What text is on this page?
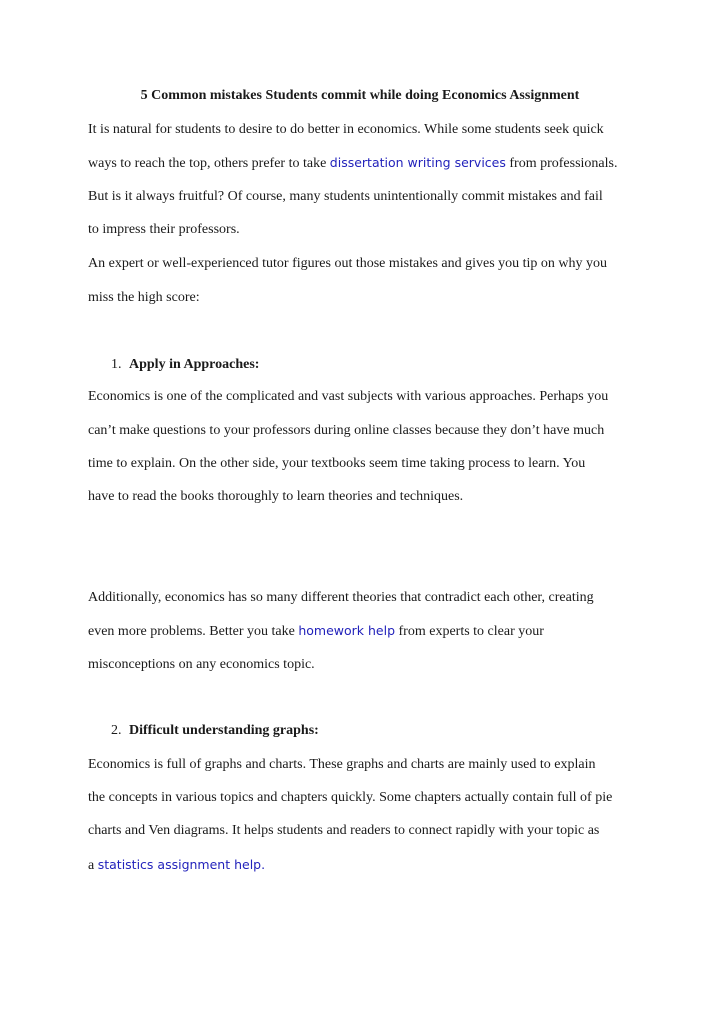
5 Common mistakes Students commit while doing Economics Assignment
It is natural for students to desire to do better in economics. While some students seek quick
ways to reach the top, others prefer to take dissertation writing services from professionals.
But is it always fruitful? Of course, many students unintentionally commit mistakes and fail
to impress their professors.
An expert or well-experienced tutor figures out those mistakes and gives you tip on why you
miss the high score:
1. Apply in Approaches:
Economics is one of the complicated and vast subjects with various approaches. Perhaps you
can’t make questions to your professors during online classes because they don’t have much
time to explain. On the other side, your textbooks seem time taking process to learn. You
have to read the books thoroughly to learn theories and techniques.
Additionally, economics has so many different theories that contradict each other, creating
even more problems. Better you take homework help from experts to clear your
misconceptions on any economics topic.
2. Difficult understanding graphs:
Economics is full of graphs and charts. These graphs and charts are mainly used to explain
the concepts in various topics and chapters quickly. Some chapters actually contain full of pie
charts and Ven diagrams. It helps students and readers to connect rapidly with your topic as
a statistics assignment help.
